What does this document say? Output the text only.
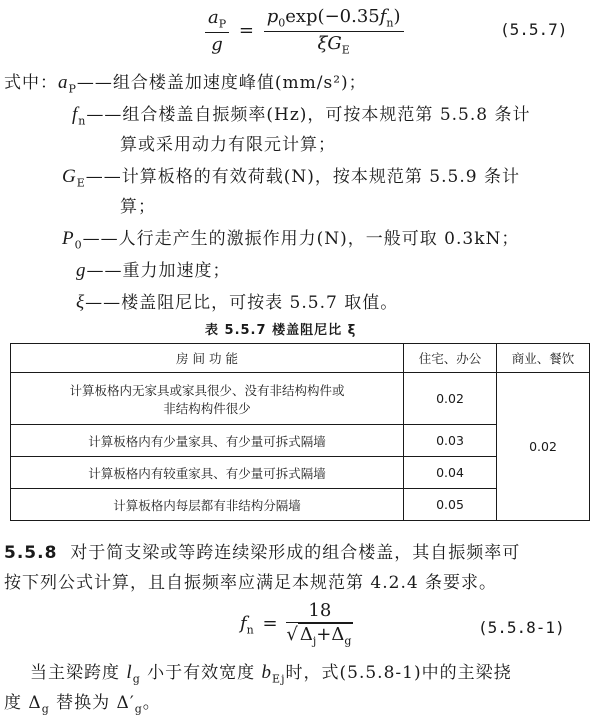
$\frac{a_P}{g} = \frac{p_0\exp(-0.35f_n)}{\xi G_E}$	(5.5.7)
式中：$a_P——$组合楼盖加速度峰值(mm/s²)；
$f_n——$组合楼盖自振频率(Hz)，可按本规范第 5.5.8 条计
算或采用动力有限元计算；
$G_E——$计算板格的有效荷载(N)，按本规范第 5.5.9 条计
算；
$P_0——$人行走产生的激振作用力(N)，一般可取 0.3kN；
g——重力加速度；
ξ——楼盖阻尼比，可按表 5.5.7 取值。
表 5.5.7 楼盖阻尼比 ξ
房 间 功 能	住宅、办公	商业、餐饮

计算板格内无家具或家具很少、没有非结构构件或
非结构构件很少	0.02	0.02
计算板格内有少量家具、有少量可拆式隔墙	0.03	
计算板格内有较重家具、有少量可拆式隔墙	0.04	
计算板格内每层都有非结构分隔墙	0.05	
5.5.8 对于简支梁或等跨连续梁形成的组合楼盖，其自振频率可
按下列公式计算，且自振频率应满足本规范第 4.2.4 条要求。
$f_n = \frac{18}{√ \Delta_j+\Delta_g}$	(5.5.8-1)
当主梁跨度 $l_g$ 小于有效宽度 $b_{Ej}$时，式(5.5.8-1)中的主梁挠
度 $\Delta_g$ 替换为 $\Delta'_g$。
